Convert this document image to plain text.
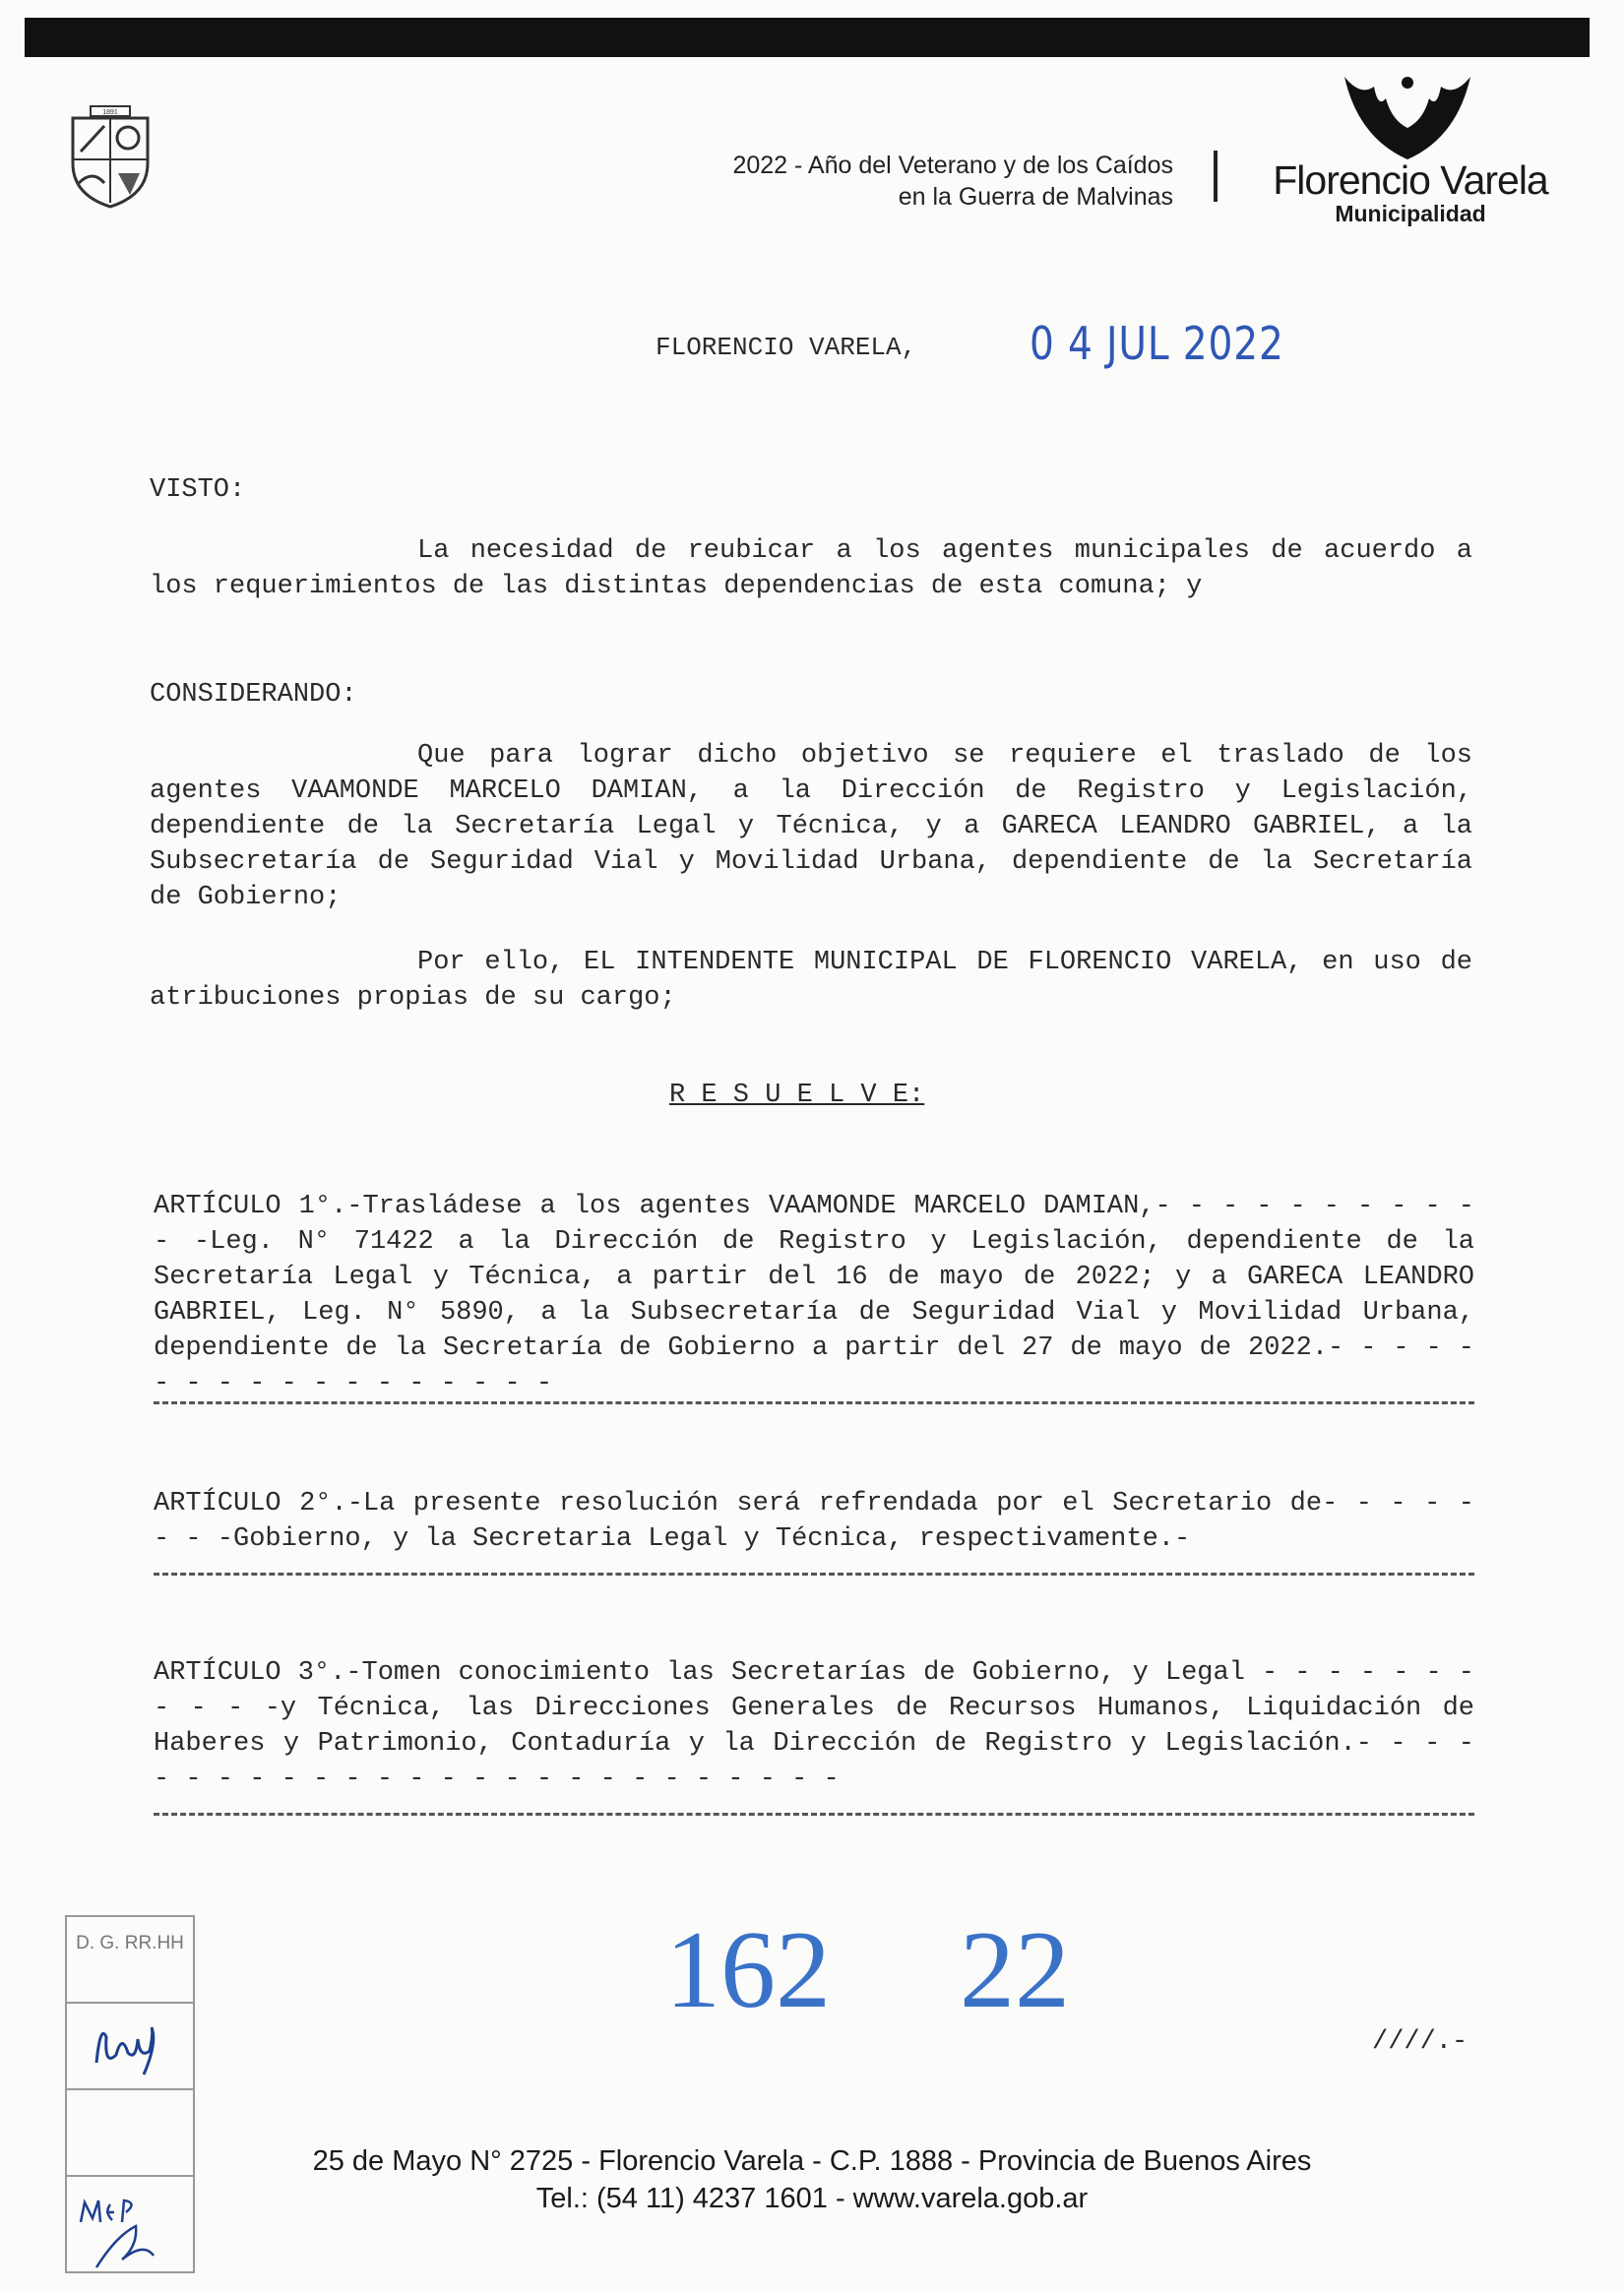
1891
2022 - Año del Veterano y de los Caídos
en la Guerra de Malvinas Florencio Varela
Municipalidad
FLORENCIO VARELA, 0 4 JUL 2022
VISTO:

La necesidad de reubicar a los agentes municipales de acuerdo a los requerimientos de las distintas dependencias de esta comuna; y

CONSIDERANDO:

Que para lograr dicho objetivo se requiere el traslado de los agentes VAAMONDE MARCELO DAMIAN, a la Dirección de Registro y Legislación, dependiente de la Secretaría Legal y Técnica, y a GARECA LEANDRO GABRIEL, a la Subsecretaría de Seguridad Vial y Movilidad Urbana, dependiente de la Secretaría de Gobierno;

Por ello, EL INTENDENTE MUNICIPAL DE FLORENCIO VARELA, en uso de atribuciones propias de su cargo;

R E S U E L V E:

ARTÍCULO 1°.-Trasládese a los agentes VAAMONDE MARCELO DAMIAN,- - - - - - - - - - - -Leg. N° 71422 a la Dirección de Registro y Legislación, dependiente de la Secretaría Legal y Técnica, a partir del 16 de mayo de 2022; y a GARECA LEANDRO GABRIEL, Leg. N° 5890, a la Subsecretaría de Seguridad Vial y Movilidad Urbana, dependiente de la Secretaría de Gobierno a partir del 27 de mayo de 2022.- - - - - - - - - - - - - - - - - -

ARTÍCULO 2°.-La presente resolución será refrendada por el Secretario de- - - - - - - -Gobierno, y la Secretaria Legal y Técnica, respectivamente.-

ARTÍCULO 3°.-Tomen conocimiento las Secretarías de Gobierno, y Legal - - - - - - - - - - -y Técnica, las Direcciones Generales de Recursos Humanos, Liquidación de Haberes y Patrimonio, Contaduría y la Dirección de Registro y Legislación.- - - - - - - - - - - - - - - - - - - - - - - - - -

162 22
////.-
D. G. RR.HH
25 de Mayo N° 2725 - Florencio Varela - C.P. 1888 - Provincia de Buenos Aires
Tel.: (54 11) 4237 1601 - www.varela.gob.ar
